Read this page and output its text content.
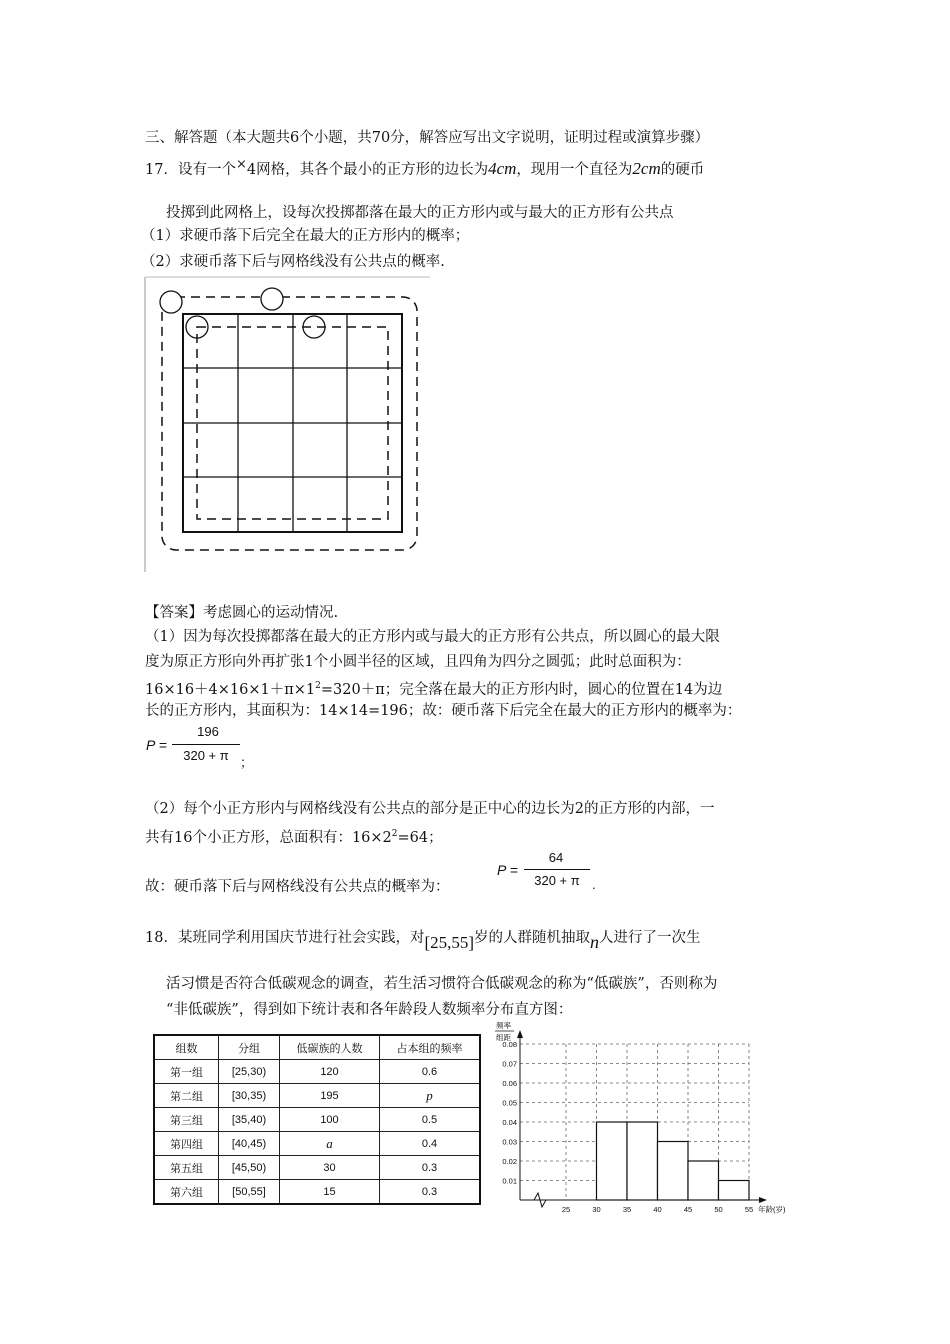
三、解答题（本大题共6个小题，共70分，解答应写出文字说明，证明过程或演算步骤）
17．设有一个×4网格，其各个最小的正方形的边长为4cm，现用一个直径为2cm的硬币
投掷到此网格上，设每次投掷都落在最大的正方形内或与最大的正方形有公共点
（1）求硬币落下后完全在最大的正方形内的概率；
（2）求硬币落下后与网格线没有公共点的概率.
【答案】考虑圆心的运动情况.
（1）因为每次投掷都落在最大的正方形内或与最大的正方形有公共点，所以圆心的最大限
度为原正方形向外再扩张1个小圆半径的区域，且四角为四分之圆弧；此时总面积为：
$16\times 16+4\times 16\times 1+\pi\times 1^2=320+\pi$；完全落在最大的正方形内时，圆心的位置在14为边
长的正方形内，其面积为：14×14=196；故：硬币落下后完全在最大的正方形内的概率为：
P =
196
320 + π ；
（2）每个小正方形内与网格线没有公共点的部分是正中心的边长为2的正方形的内部，一
共有16个小正方形，总面积有：$16\times 2^2=64$；
故：硬币落下后与网格线没有公共点的概率为：
P =
64
320 + π .
18．某班同学利用国庆节进行社会实践，对[25,55]岁的人群随机抽取n人进行了一次生
活习惯是否符合低碳观念的调查，若生活习惯符合低碳观念的称为“低碳族”，否则称为
“非低碳族”，得到如下统计表和各年龄段人数频率分布直方图：
组数	分组	低碳族的人数	占本组的频率
第一组	[25,30)	120	0.6
第二组	[30,35)	195	p
第三组	[35,40)	100	0.5
第四组	[40,45)	a	0.4
第五组	[45,50)	30	0.3
第六组	[50,55]	15	0.3
0.01
0.02
0.03
0.04
0.05
0.06
0.07
0.08
25	30	35	40	45	50	55
频率
组距
年龄(岁)
